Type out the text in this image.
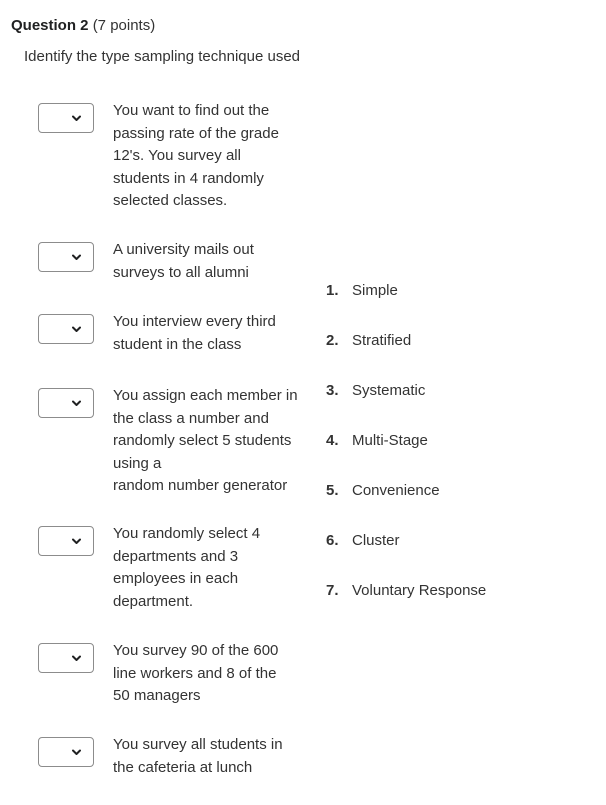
Question 2 (7 points)
Identify the type sampling technique used
You want to find out the
passing rate of the grade
12's. You survey all
students in 4 randomly
selected classes.
A university mails out
surveys to all alumni
You interview every third
student in the class
You assign each member in
the class a number and
randomly select 5 students
using a
random number generator
You randomly select 4
departments and 3
employees in each
department.
You survey 90 of the 600
line workers and 8 of the
50 managers
You survey all students in
the cafeteria at lunch
1. Simple
2. Stratified
3. Systematic
4. Multi-Stage
5. Convenience
6. Cluster
7. Voluntary Response
